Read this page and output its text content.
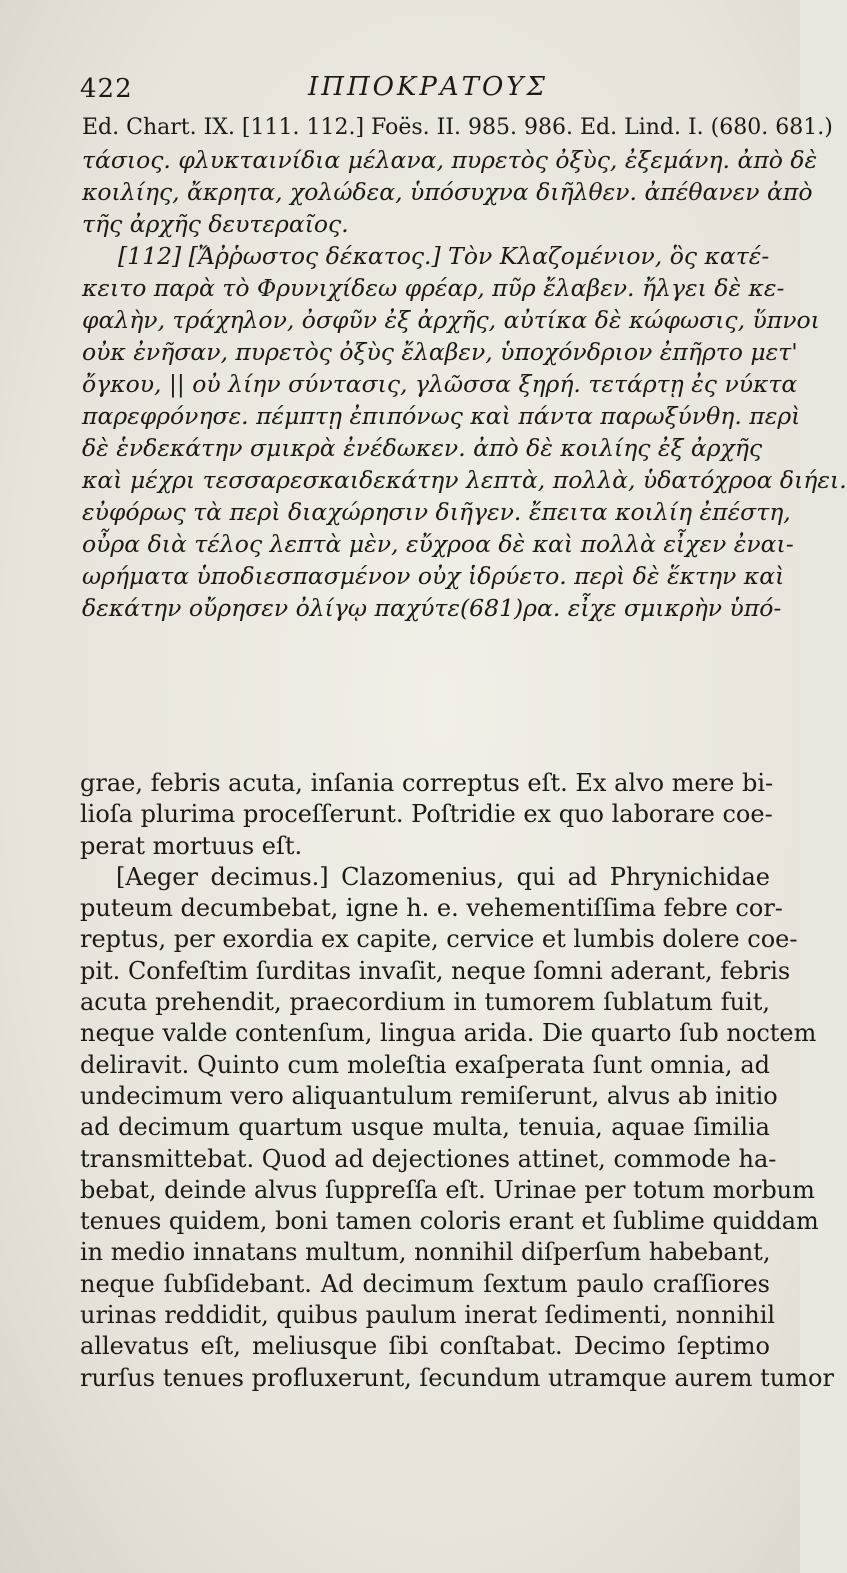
422	ΙΠΠΟΚΡΑΤΟΥΣ
Ed. Chart. IX. [111. 112.] Foës. II. 985. 986. Ed. Lind. I. (680. 681.)
τάσιος. φλυκταινίδια μέλανα, πυρετὸς ὀξὺς, ἐξεμάνη. ἀπὸ δὲ
κοιλίης, ἄκρητα, χολώδεα, ὑπόσυχνα διῆλθεν. ἀπέθανεν ἀπὸ
τῆς ἀρχῆς δευτεραῖος.
[112] [Ἄῤῥωστος δέκατος.] Τὸν Κλαζομένιον, ὃς κατέ-
κειτο παρὰ τὸ Φρυνιχίδεω φρέαρ, πῦρ ἔλαβεν. ἤλγει δὲ κε-
φαλὴν, τράχηλον, ὀσφῦν ἐξ ἀρχῆς, αὐτίκα δὲ κώφωσις, ὕπνοι
οὐκ ἐνῆσαν, πυρετὸς ὀξὺς ἔλαβεν, ὑποχόνδριον ἐπῆρτο μετ'
ὄγκου, || οὐ λίην σύντασις, γλῶσσα ξηρή. τετάρτῃ ἐς νύκτα
παρεφρόνησε. πέμπτῃ ἐπιπόνως καὶ πάντα παρωξύνθη. περὶ
δὲ ἑνδεκάτην σμικρὰ ἐνέδωκεν. ἀπὸ δὲ κοιλίης ἐξ ἀρχῆς
καὶ μέχρι τεσσαρεσκαιδεκάτην λεπτὰ, πολλὰ, ὑδατόχροα διήει.
εὐφόρως τὰ περὶ διαχώρησιν διῆγεν. ἔπειτα κοιλίη ἐπέστη,
οὖρα διὰ τέλος λεπτὰ μὲν, εὔχροα δὲ καὶ πολλὰ εἶχεν ἐναι-
ωρήματα ὑποδιεσπασμένον οὐχ ἱδρύετο. περὶ δὲ ἕκτην καὶ
δεκάτην οὔρησεν ὀλίγῳ παχύτε(681)ρα. εἶχε σμικρὴν ὑπό-
grae, febris acuta, inſania correptus eſt. Ex alvo mere bi-
lioſa plurima proceſſerunt. Poſtridie ex quo laborare coe-
perat mortuus eſt.
[Aeger decimus.] Clazomenius, qui ad Phrynichidae
puteum decumbebat, igne h. e. vehementiſſima febre cor-
reptus, per exordia ex capite, cervice et lumbis dolere coe-
pit. Confeſtim ſurditas invaſit, neque ſomni aderant, febris
acuta prehendit, praecordium in tumorem ſublatum fuit,
neque valde contenſum, lingua arida. Die quarto ſub noctem
deliravit. Quinto cum moleſtia exaſperata ſunt omnia, ad
undecimum vero aliquantulum remiſerunt, alvus ab initio
ad decimum quartum usque multa, tenuia, aquae ſimilia
transmittebat. Quod ad dejectiones attinet, commode ha-
bebat, deinde alvus ſuppreſſa eſt. Urinae per totum morbum
tenues quidem, boni tamen coloris erant et ſublime quiddam
in medio innatans multum, nonnihil diſperſum habebant,
neque ſubſidebant. Ad decimum ſextum paulo craſſiores
urinas reddidit, quibus paulum inerat ſedimenti, nonnihil
allevatus eſt, meliusque ſibi conſtabat. Decimo ſeptimo
rurſus tenues profluxerunt, ſecundum utramque aurem tumor
